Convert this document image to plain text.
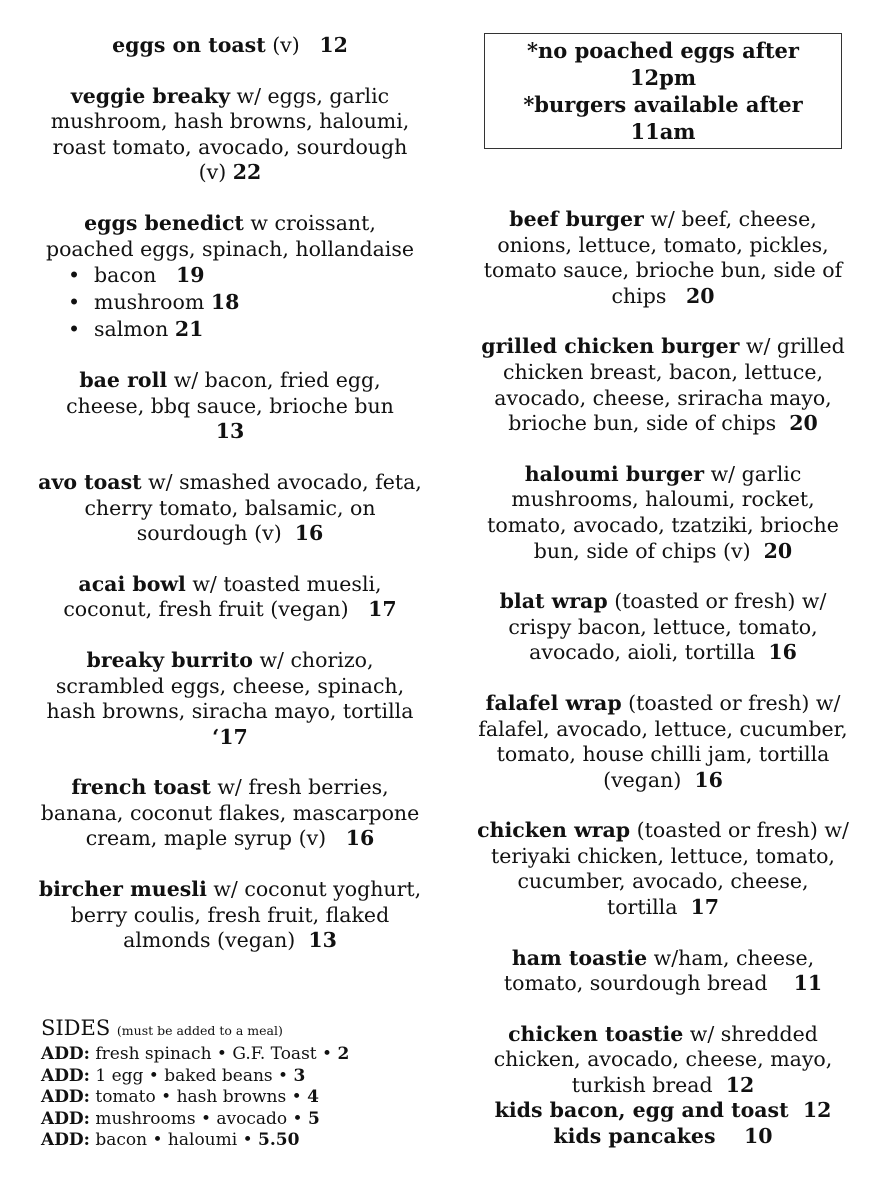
eggs on toast (v) 12

veggie breaky w/ eggs, garlic mushroom, hash browns, haloumi, roast tomato, avocado, sourdough (v) 22

eggs benedict w croissant, poached eggs, spinach, hollandaise

• bacon 19
• mushroom 18
• salmon 21

bae roll w/ bacon, fried egg, cheese, bbq sauce, brioche bun
13

avo toast w/ smashed avocado, feta, cherry tomato, balsamic, on sourdough (v) 16

acai bowl w/ toasted muesli, coconut, fresh fruit (vegan) 17

breaky burrito w/ chorizo, scrambled eggs, cheese, spinach, hash browns, siracha mayo, tortilla
‘17

french toast w/ fresh berries, banana, coconut flakes, mascarpone cream, maple syrup (v) 16

bircher muesli w/ coconut yoghurt, berry coulis, fresh fruit, flaked almonds (vegan) 13

*no poached eggs after 12pm
*burgers available after 11am

beef burger w/ beef, cheese, onions, lettuce, tomato, pickles, tomato sauce, brioche bun, side of chips 20

grilled chicken burger w/ grilled chicken breast, bacon, lettuce, avocado, cheese, sriracha mayo, brioche bun, side of chips 20

haloumi burger w/ garlic mushrooms, haloumi, rocket, tomato, avocado, tzatziki, brioche bun, side of chips (v) 20

blat wrap (toasted or fresh) w/ crispy bacon, lettuce, tomato, avocado, aioli, tortilla 16

falafel wrap (toasted or fresh) w/ falafel, avocado, lettuce, cucumber, tomato, house chilli jam, tortilla (vegan) 16

chicken wrap (toasted or fresh) w/ teriyaki chicken, lettuce, tomato, cucumber, avocado, cheese, tortilla 17

ham toastie w/ham, cheese, tomato, sourdough bread 11

chicken toastie w/ shredded chicken, avocado, cheese, mayo, turkish bread 12

SIDES (must be added to a meal)
ADD: fresh spinach • G.F. Toast • 2
ADD: 1 egg • baked beans • 3
ADD: tomato • hash browns • 4
ADD: mushrooms • avocado • 5
ADD: bacon • haloumi • 5.50
kids bacon, egg and toast 12
kids pancakes 10
